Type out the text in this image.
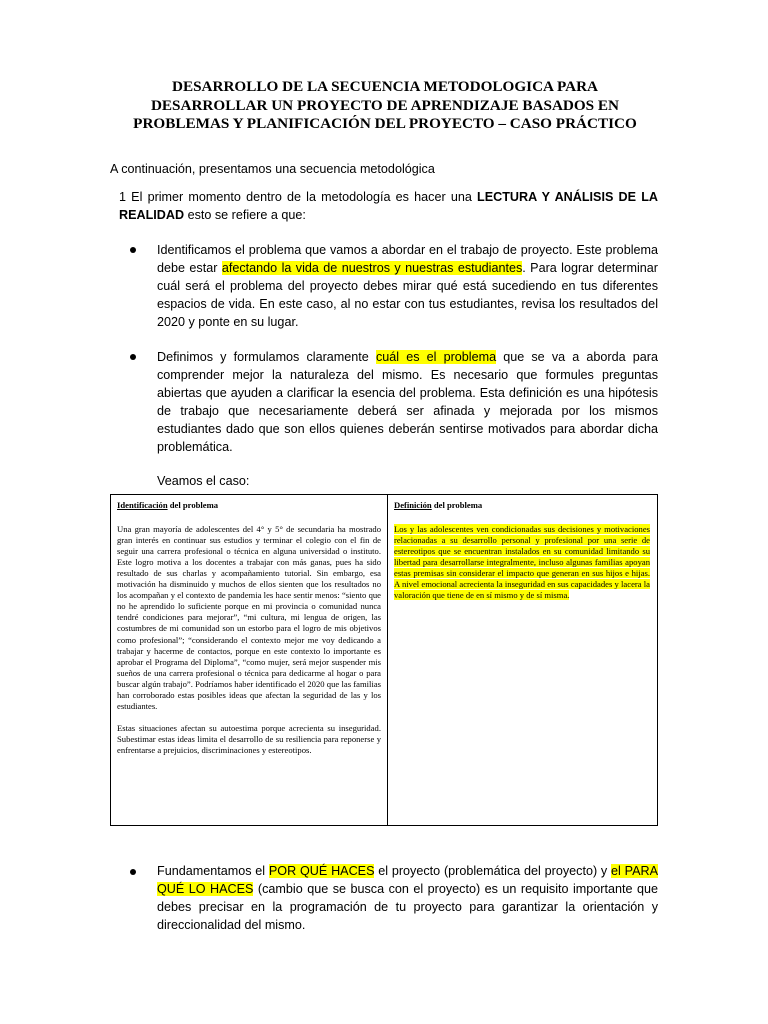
DESARROLLO DE LA SECUENCIA METODOLOGICA PARA
DESARROLLAR UN PROYECTO DE APRENDIZAJE BASADOS EN
PROBLEMAS Y PLANIFICACIÓN DEL PROYECTO – CASO PRÁCTICO
A continuación, presentamos una secuencia metodológica
1 El primer momento dentro de la metodología es hacer una LECTURA Y ANÁLISIS DE LA REALIDAD esto se refiere a que:
Identificamos el problema que vamos a abordar en el trabajo de proyecto. Este problema debe estar afectando la vida de nuestros y nuestras estudiantes. Para lograr determinar cuál será el problema del proyecto debes mirar qué está sucediendo en tus diferentes espacios de vida. En este caso, al no estar con tus estudiantes, revisa los resultados del 2020 y ponte en su lugar.
Definimos y formulamos claramente cuál es el problema que se va a aborda para comprender mejor la naturaleza del mismo. Es necesario que formules preguntas abiertas que ayuden a clarificar la esencia del problema. Esta definición es una hipótesis de trabajo que necesariamente deberá ser afinada y mejorada por los mismos estudiantes dado que son ellos quienes deberán sentirse motivados para abordar dicha problemática.
Veamos el caso:
Identificación del problema

Una gran mayoría de adolescentes del 4° y 5° de secundaria ha mostrado gran interés en continuar sus estudios y terminar el colegio con el fin de seguir una carrera profesional o técnica en alguna universidad o instituto. Este logro motiva a los docentes a trabajar con más ganas, pues ha sido resultado de sus charlas y acompañamiento tutorial. Sin embargo, esa motivación ha disminuido y muchos de ellos sienten que los resultados no los acompañan y el contexto de pandemia les hace sentir menos: “siento que no he aprendido lo suficiente porque en mi provincia o comunidad nunca tendré condiciones para mejorar”, “mi cultura, mi lengua de origen, las costumbres de mi comunidad son un estorbo para el logro de mis objetivos como profesional”; “considerando el contexto mejor me voy dedicando a trabajar y hacerme de contactos, porque en este contexto lo importante es aprobar el Programa del Diploma”, “como mujer, será mejor suspender mis sueños de una carrera profesional o técnica para dedicarme al hogar o para buscar algún trabajo”. Podríamos haber identificado el 2020 que las familias han corroborado estas posibles ideas que afectan la seguridad de las y los estudiantes.

Estas situaciones afectan su autoestima porque acrecienta su inseguridad. Subestimar estas ideas limita el desarrollo de su resiliencia para reponerse y enfrentarse a prejuicios, discriminaciones y estereotipos.

Definición del problema

Los y las adolescentes ven condicionadas sus decisiones y motivaciones relacionadas a su desarrollo personal y profesional por una serie de estereotipos que se encuentran instalados en su comunidad limitando su libertad para desarrollarse integralmente, incluso algunas familias apoyan estas premisas sin considerar el impacto que generan en sus hijos e hijas. A nivel emocional acrecienta la inseguridad en sus capacidades y lacera la valoración que tiene de en sí mismo y de sí misma.

Fundamentamos el POR QUÉ HACES el proyecto (problemática del proyecto) y el PARA QUÉ LO HACES (cambio que se busca con el proyecto) es un requisito importante que debes precisar en la programación de tu proyecto para garantizar la orientación y direccionalidad del mismo.
